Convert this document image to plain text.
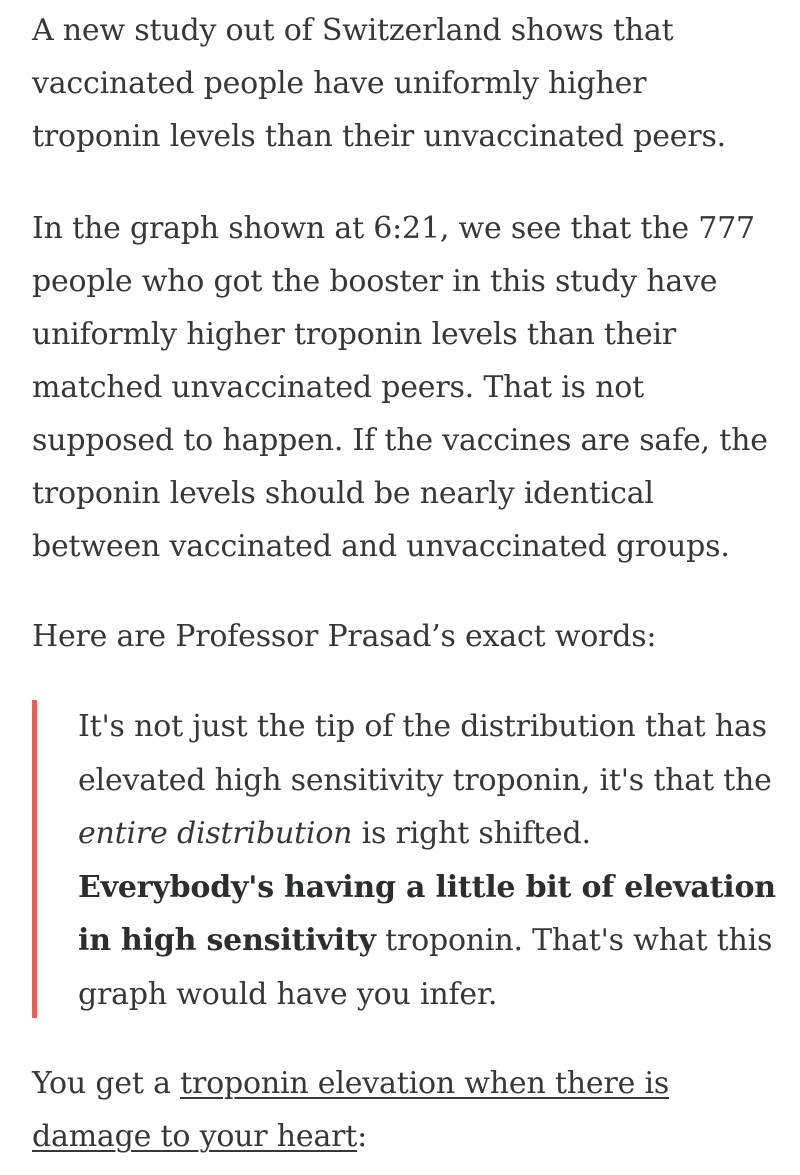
A new study out of Switzerland shows that vaccinated people have uniformly higher troponin levels than their unvaccinated peers.

In the graph shown at 6:21, we see that the 777 people who got the booster in this study have uniformly higher troponin levels than their matched unvaccinated peers. That is not supposed to happen. If the vaccines are safe, the troponin levels should be nearly identical between vaccinated and unvaccinated groups.

Here are Professor Prasad’s exact words:

It's not just the tip of the distribution that has elevated high sensitivity troponin, it's that the entire distribution is right shifted. Everybody's having a little bit of elevation in high sensitivity troponin. That's what this graph would have you infer.

You get a troponin elevation when there is damage to your heart:
